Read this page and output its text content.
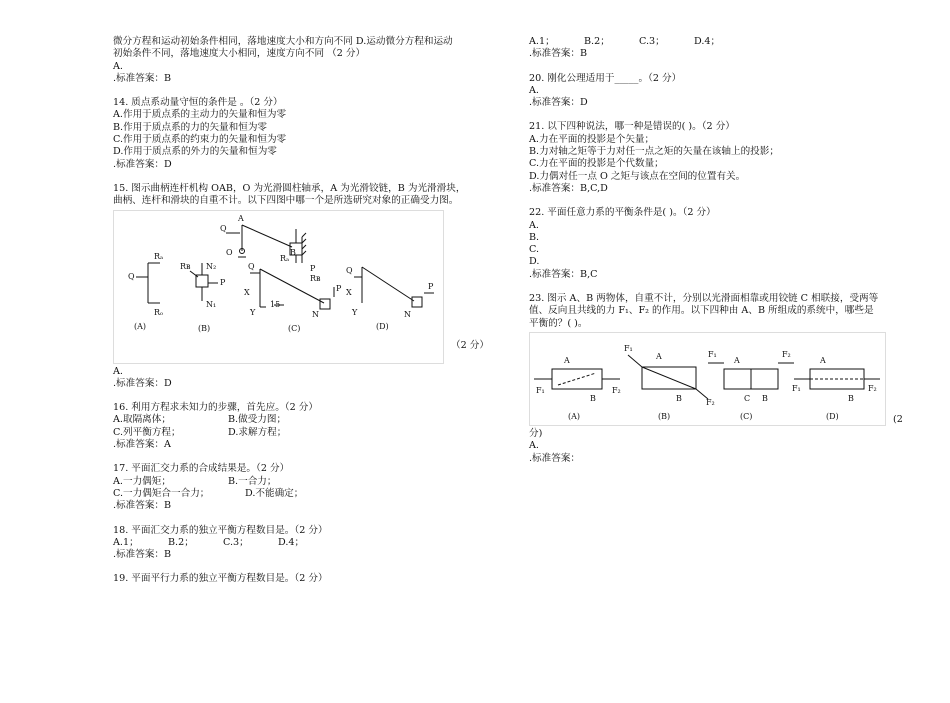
微分方程和运动初始条件相同，落地速度大小和方向不同 D.运动微分方程和运动
初始条件不同，落地速度大小相同，速度方向不同 （2 分）
A.
.标准答案：B
14. 质点系动量守恒的条件是 。（2 分）
A.作用于质点系的主动力的矢量和恒为零
B.作用于质点系的力的矢量和恒为零
C.作用于质点系的约束力的矢量和恒为零
D.作用于质点系的外力的矢量和恒为零
.标准答案：D
15. 图示曲柄连杆机构 OAB，O 为光滑圆柱轴承，A 为光滑铰链，B 为光滑滑块，
曲柄、连杆和滑块的自重不计。以下四图中哪一个是所选研究对象的正确受力图。
A
Q
O	B
P
Rₐ
Q
Rₒ
(A)
Rʙ N₂
P
N₁
(B)
Q
Rₐ
Rʙ
P
X
Y
15
N
(C)
Q
X
Y
P
N
(D)
（2 分）
A.
.标准答案：D
16. 利用方程求未知力的步骤，首先应。（2 分）
A.取隔离体；	B.做受力图；
C.列平衡方程；	D.求解方程；
.标准答案：A
17. 平面汇交力系的合成结果是。（2 分）
A.一力偶矩；	B.一合力；
C.一力偶矩合一合力；	D.不能确定；
.标准答案：B
18. 平面汇交力系的独立平衡方程数目是。（2 分）
A.1；	B.2；	C.3；	D.4；
.标准答案：B
19. 平面平行力系的独立平衡方程数目是。（2 分）
A.1；	B.2；	C.3；	D.4；
.标准答案：B
20. 刚化公理适用于_____。（2 分）
A.
.标准答案：D
21. 以下四种说法，哪一种是错误的( )。（2 分）
A.力在平面的投影是个矢量；
B.力对轴之矩等于力对任一点之矩的矢量在该轴上的投影；
C.力在平面的投影是个代数量；
D.力偶对任一点 O 之矩与该点在空间的位置有关。
.标准答案：B,C,D
22. 平面任意力系的平衡条件是( )。（2 分）
A.
B.
C.
D.
.标准答案：B,C
23. 图示 A、B 两物体，自重不计，分别以光滑面相靠或用铰链 C 相联接，受两等
值、反向且共线的力 F₁、F₂ 的作用。以下四种由 A、B 所组成的系统中，哪些是
平衡的？( )。
A
B
F₁	F₂
(A)
F₁
A
B	F₂
(B)
F₁
A
C B
F₂
(C)
A
B
F₁	F₂
(D)	(2
分)
A.
.标准答案：
